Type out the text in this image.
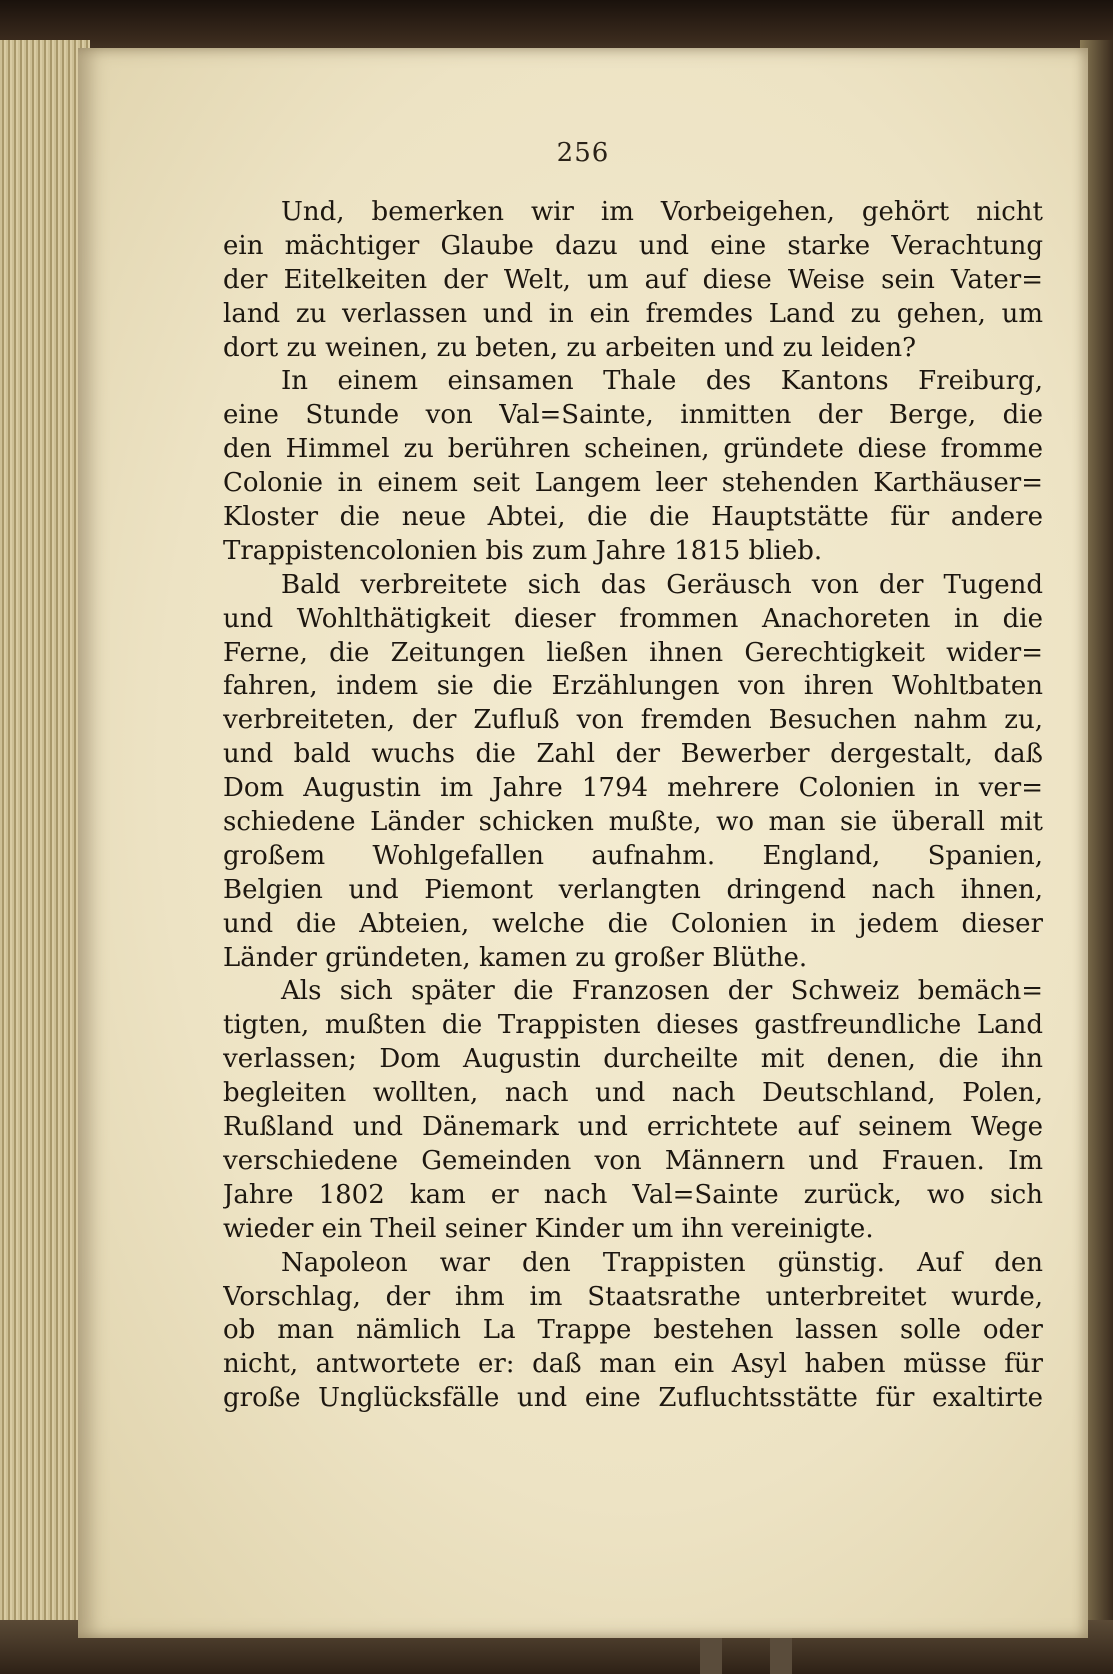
256
Und, bemerken wir im Vorbeigehen, gehört nicht
ein mächtiger Glaube dazu und eine starke Verachtung
der Eitelkeiten der Welt, um auf diese Weise sein Vater=
land zu verlassen und in ein fremdes Land zu gehen, um
dort zu weinen, zu beten, zu arbeiten und zu leiden?
In einem einsamen Thale des Kantons Freiburg,
eine Stunde von Val=Sainte, inmitten der Berge, die
den Himmel zu berühren scheinen, gründete diese fromme
Colonie in einem seit Langem leer stehenden Karthäuser=
Kloster die neue Abtei, die die Hauptstätte für andere
Trappistencolonien bis zum Jahre 1815 blieb.
Bald verbreitete sich das Geräusch von der Tugend
und Wohlthätigkeit dieser frommen Anachoreten in die
Ferne, die Zeitungen ließen ihnen Gerechtigkeit wider=
fahren, indem sie die Erzählungen von ihren Wohltbaten
verbreiteten, der Zufluß von fremden Besuchen nahm zu,
und bald wuchs die Zahl der Bewerber dergestalt, daß
Dom Augustin im Jahre 1794 mehrere Colonien in ver=
schiedene Länder schicken mußte, wo man sie überall mit
großem Wohlgefallen aufnahm. England, Spanien,
Belgien und Piemont verlangten dringend nach ihnen,
und die Abteien, welche die Colonien in jedem dieser
Länder gründeten, kamen zu großer Blüthe.
Als sich später die Franzosen der Schweiz bemäch=
tigten, mußten die Trappisten dieses gastfreundliche Land
verlassen; Dom Augustin durcheilte mit denen, die ihn
begleiten wollten, nach und nach Deutschland, Polen,
Rußland und Dänemark und errichtete auf seinem Wege
verschiedene Gemeinden von Männern und Frauen. Im
Jahre 1802 kam er nach Val=Sainte zurück, wo sich
wieder ein Theil seiner Kinder um ihn vereinigte.
Napoleon war den Trappisten günstig. Auf den
Vorschlag, der ihm im Staatsrathe unterbreitet wurde,
ob man nämlich La Trappe bestehen lassen solle oder
nicht, antwortete er: daß man ein Asyl haben müsse für
große Unglücksfälle und eine Zufluchtsstätte für exaltirte
